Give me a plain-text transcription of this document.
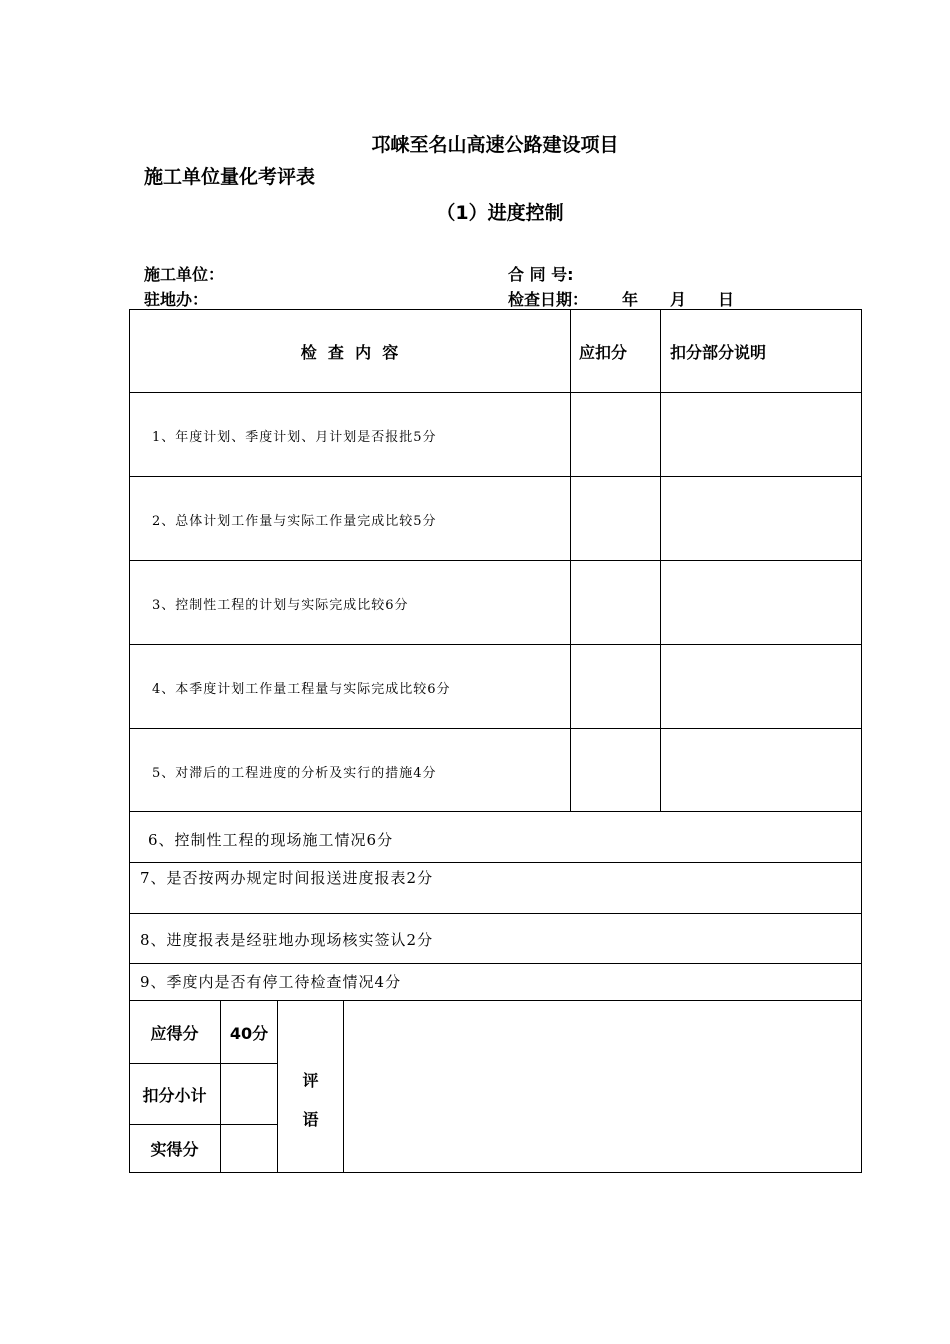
邛崃至名山高速公路建设项目
施工单位量化考评表
（1）进度控制
施工单位：	合 同 号:
驻地办：	检查日期： 年 月 日
检  查  内  容	应扣分	扣分部分说明
1、年度计划、季度计划、月计划是否报批5分
2、总体计划工作量与实际工作量完成比较5分
3、控制性工程的计划与实际完成比较6分
4、本季度计划工作量工程量与实际完成比较6分
5、对滞后的工程进度的分析及实行的措施4分
6、控制性工程的现场施工情况6分
7、是否按两办规定时间报送进度报表2分
8、进度报表是经驻地办现场核实签认2分
9、季度内是否有停工待检查情况4分
应得分 40分
扣分小计
实得分
评
语
